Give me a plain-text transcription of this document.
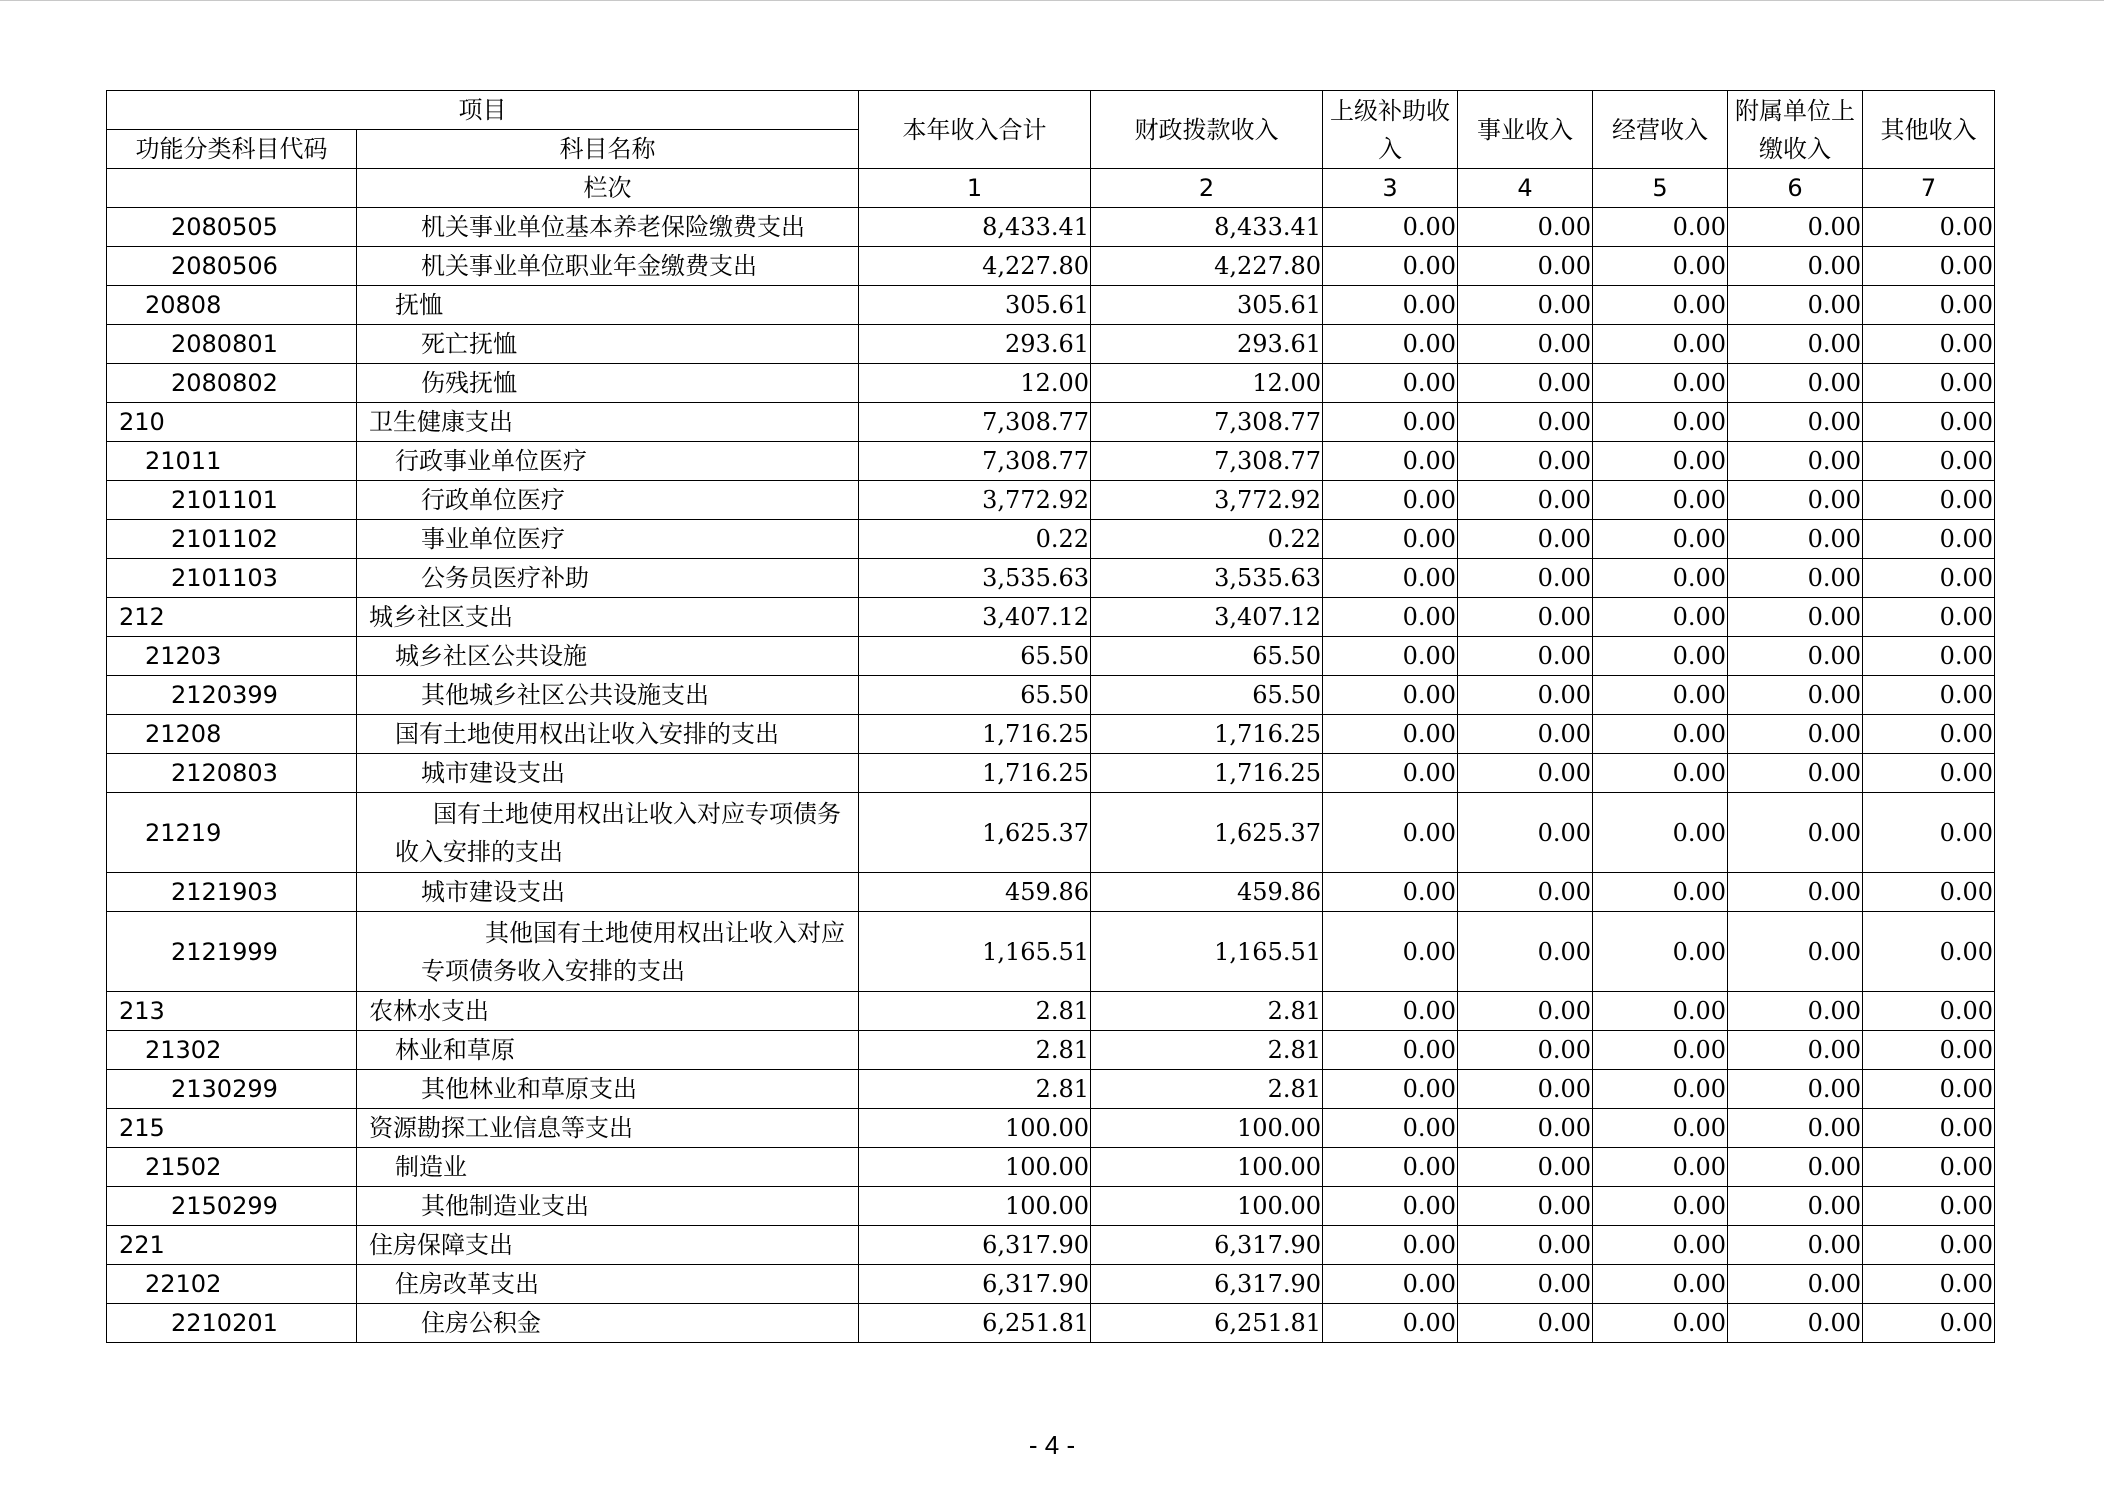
项目		本年收入合计	财政拨款收入	上级补助收入	事业收入	经营收入	附属单位上缴收入	其他收入
功能分类科目代码	科目名称							
	栏次	1	2	3	4	5	6	7
2080505	机关事业单位基本养老保险缴费支出	8,433.41	8,433.41	0.00	0.00	0.00	0.00	0.00
2080506	机关事业单位职业年金缴费支出	4,227.80	4,227.80	0.00	0.00	0.00	0.00	0.00
20808	抚恤	305.61	305.61	0.00	0.00	0.00	0.00	0.00
2080801	死亡抚恤	293.61	293.61	0.00	0.00	0.00	0.00	0.00
2080802	伤残抚恤	12.00	12.00	0.00	0.00	0.00	0.00	0.00
210	卫生健康支出	7,308.77	7,308.77	0.00	0.00	0.00	0.00	0.00
21011	行政事业单位医疗	7,308.77	7,308.77	0.00	0.00	0.00	0.00	0.00
2101101	行政单位医疗	3,772.92	3,772.92	0.00	0.00	0.00	0.00	0.00
2101102	事业单位医疗	0.22	0.22	0.00	0.00	0.00	0.00	0.00
2101103	公务员医疗补助	3,535.63	3,535.63	0.00	0.00	0.00	0.00	0.00
212	城乡社区支出	3,407.12	3,407.12	0.00	0.00	0.00	0.00	0.00
21203	城乡社区公共设施	65.50	65.50	0.00	0.00	0.00	0.00	0.00
2120399	其他城乡社区公共设施支出	65.50	65.50	0.00	0.00	0.00	0.00	0.00
21208	国有土地使用权出让收入安排的支出	1,716.25	1,716.25	0.00	0.00	0.00	0.00	0.00
2120803	城市建设支出	1,716.25	1,716.25	0.00	0.00	0.00	0.00	0.00
21219	国有土地使用权出让收入对应专项债务收入安排的支出	1,625.37	1,625.37	0.00	0.00	0.00	0.00	0.00
2121903	城市建设支出	459.86	459.86	0.00	0.00	0.00	0.00	0.00
2121999	其他国有土地使用权出让收入对应专项债务收入安排的支出	1,165.51	1,165.51	0.00	0.00	0.00	0.00	0.00
213	农林水支出	2.81	2.81	0.00	0.00	0.00	0.00	0.00
21302	林业和草原	2.81	2.81	0.00	0.00	0.00	0.00	0.00
2130299	其他林业和草原支出	2.81	2.81	0.00	0.00	0.00	0.00	0.00
215	资源勘探工业信息等支出	100.00	100.00	0.00	0.00	0.00	0.00	0.00
21502	制造业	100.00	100.00	0.00	0.00	0.00	0.00	0.00
2150299	其他制造业支出	100.00	100.00	0.00	0.00	0.00	0.00	0.00
221	住房保障支出	6,317.90	6,317.90	0.00	0.00	0.00	0.00	0.00
22102	住房改革支出	6,317.90	6,317.90	0.00	0.00	0.00	0.00	0.00
2210201	住房公积金	6,251.81	6,251.81	0.00	0.00	0.00	0.00	0.00
- 4 -
